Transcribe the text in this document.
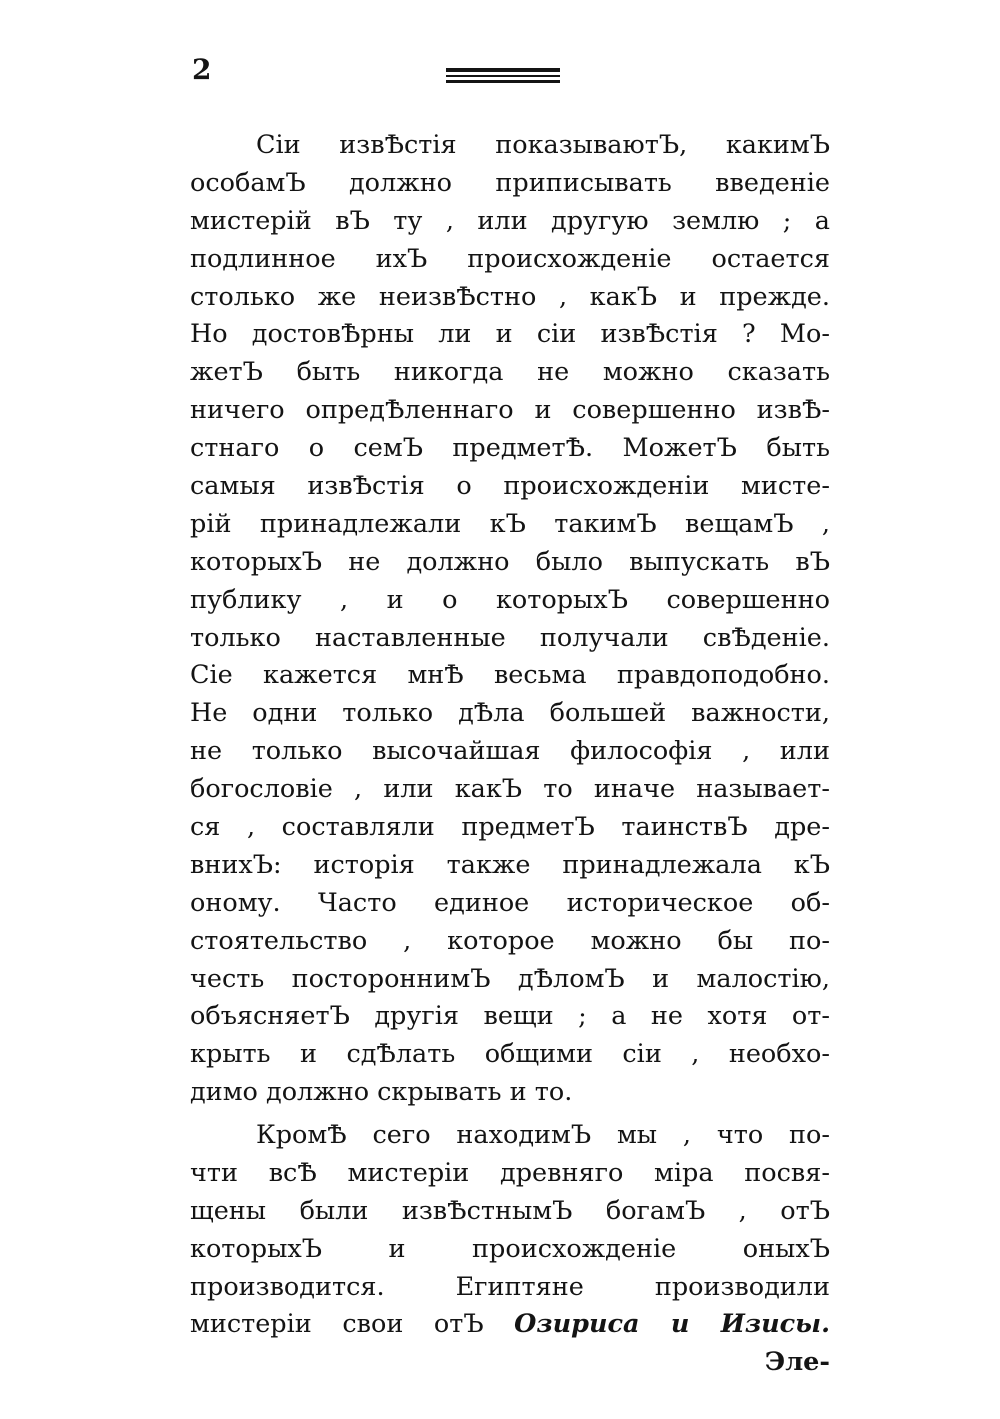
2
Сiи извѢстiя показываютЪ, какимЪ
особамЪ должно приписывать введенiе
мистерiй вЪ ту , или другую землю ; а
подлинное ихЪ происхожденiе остается
столько же неизвѢстно , какЪ и прежде.
Но достовѢрны ли и сiи извѢстiя ? Мо-
жетЪ быть никогда не можно сказать
ничего опредѢленнаго и совершенно извѢ-
стнаго о семЪ предметѢ. МожетЪ быть
самыя извѢстiя о происхожденiи мисте-
рiй принадлежали кЪ такимЪ вещамЪ ,
которыхЪ не должно было выпускать вЪ
публику , и о которыхЪ совершенно
только наставленные получали свѢденiе.
Сiе кажется мнѢ весьма правдоподобно.
Не одни только дѢла большей важности,
не только высочайшая философiя , или
богословiе , или какЪ то иначе называет-
ся , составляли предметЪ таинствЪ дре-
внихЪ: исторiя также принадлежала кЪ
оному. Часто единое историческое об-
стоятельство , которое можно бы по-
честь постороннимЪ дѢломЪ и малостiю,
объясняетЪ другiя вещи ; а не хотя от-
крыть и сдѢлать общими сiи , необхо-
димо должно скрывать и то.
КромѢ сего находимЪ мы , что по-
чти всѢ мистерiи древняго мiра посвя-
щены были извѢстнымЪ богамЪ , отЪ
которыхЪ и происхожденiе оныхЪ
производится. Египтяне производили
мистерiи свои отЪ Озириса и Изисы.
Эле-
